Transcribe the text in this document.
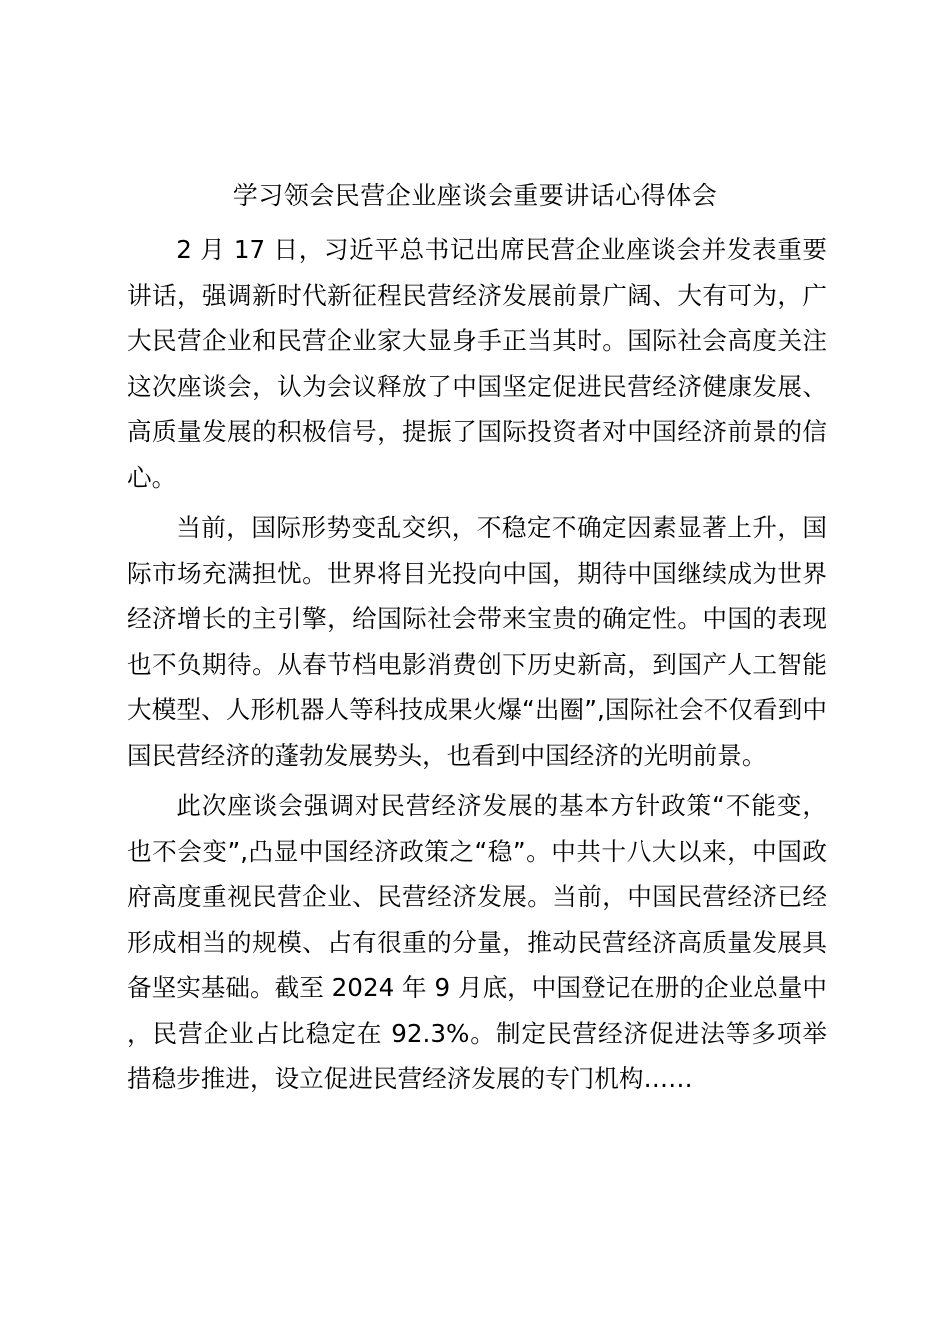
学习领会民营企业座谈会重要讲话心得体会

2 月 17 日，习近平总书记出席民营企业座谈会并发表重要讲话，强调新时代新征程民营经济发展前景广阔、大有可为，广大民营企业和民营企业家大显身手正当其时。国际社会高度关注这次座谈会，认为会议释放了中国坚定促进民营经济健康发展、高质量发展的积极信号，提振了国际投资者对中国经济前景的信心。

当前，国际形势变乱交织，不稳定不确定因素显著上升，国际市场充满担忧。世界将目光投向中国，期待中国继续成为世界经济增长的主引擎，给国际社会带来宝贵的确定性。中国的表现也不负期待。从春节档电影消费创下历史新高，到国产人工智能大模型、人形机器人等科技成果火爆“出圈”,国际社会不仅看到中国民营经济的蓬勃发展势头，也看到中国经济的光明前景。

此次座谈会强调对民营经济发展的基本方针政策“不能变，也不会变”,凸显中国经济政策之“稳”。中共十八大以来，中国政府高度重视民营企业、民营经济发展。当前，中国民营经济已经形成相当的规模、占有很重的分量，推动民营经济高质量发展具备坚实基础。截至 2024 年 9 月底，中国登记在册的企业总量中，民营企业占比稳定在 92.3%。制定民营经济促进法等多项举措稳步推进，设立促进民营经济发展的专门机构……
